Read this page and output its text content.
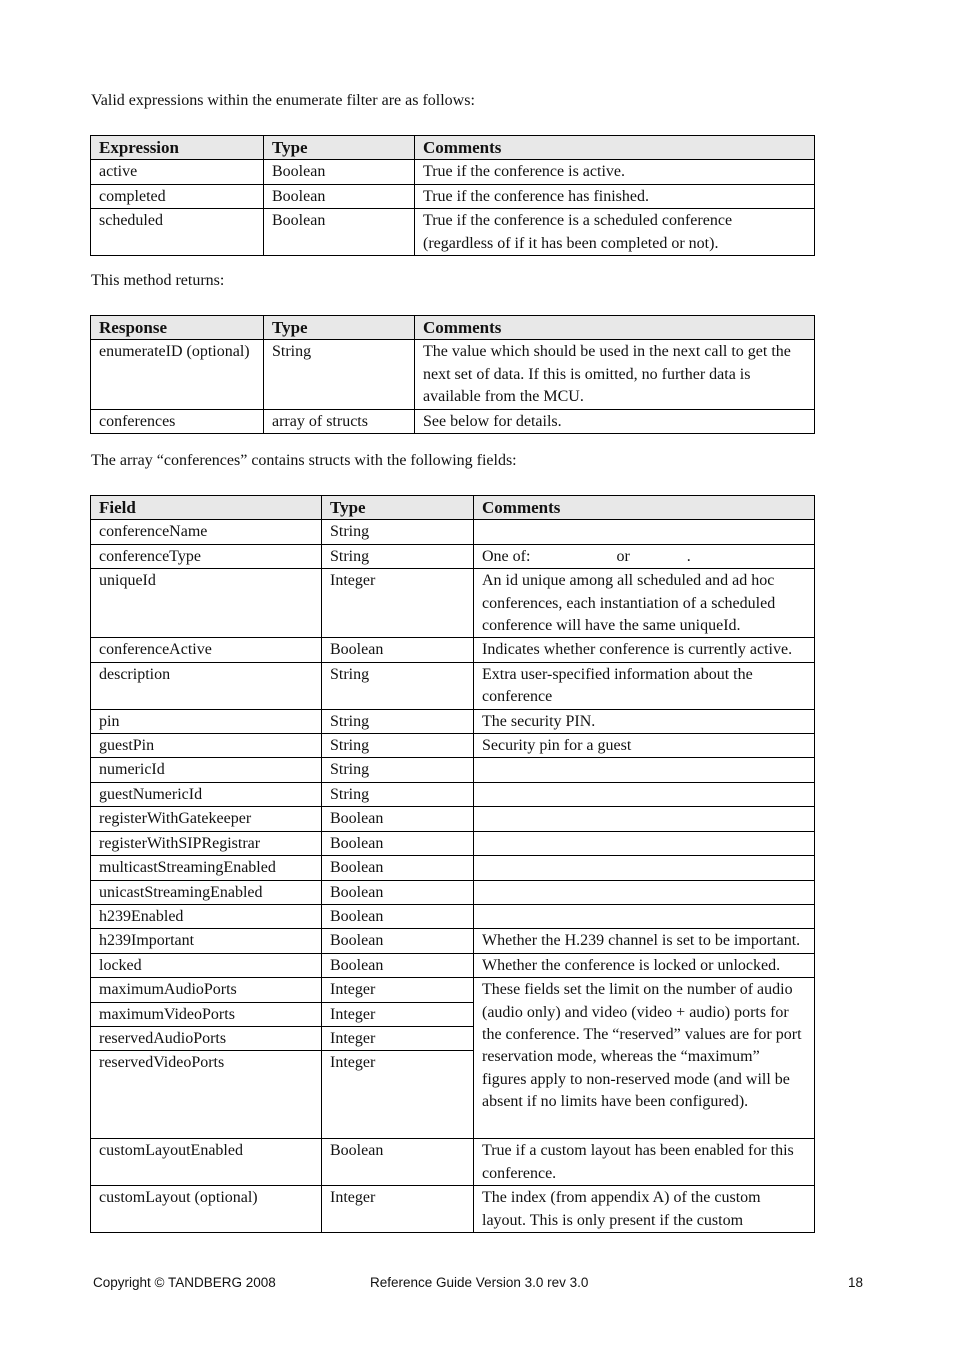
Valid expressions within the enumerate filter are as follows:

Expression	Type	Comments
active	Boolean	True if the conference is active.
completed	Boolean	True if the conference has finished.
scheduled	Boolean	True if the conference is a scheduled conference (regardless of if it has been completed or not).

This method returns:

Response	Type	Comments
enumerateID (optional)	String	The value which should be used in the next call to get the next set of data. If this is omitted, no further data is available from the MCU.
conferences	array of structs	See below for details.

The array “conferences” contains structs with the following fields:

Field	Type	Comments
conferenceName	String	
conferenceType	String	One of: or .
uniqueId	Integer	An id unique among all scheduled and ad hoc conferences, each instantiation of a scheduled conference will have the same uniqueId.
conferenceActive	Boolean	Indicates whether conference is currently active.
description	String	Extra user-specified information about the conference
pin	String	The security PIN.
guestPin	String	Security pin for a guest
numericId	String	
guestNumericId	String	
registerWithGatekeeper	Boolean	
registerWithSIPRegistrar	Boolean	
multicastStreamingEnabled	Boolean	
unicastStreamingEnabled	Boolean	
h239Enabled	Boolean	
h239Important	Boolean	Whether the H.239 channel is set to be important.
locked	Boolean	Whether the conference is locked or unlocked.
maximumAudioPorts	Integer	These fields set the limit on the number of audio (audio only) and video (video + audio) ports for the conference. The “reserved” values are for port reservation mode, whereas the “maximum” figures apply to non-reserved mode (and will be absent if no limits have been configured).
maximumVideoPorts	Integer	
reservedAudioPorts	Integer	
reservedVideoPorts	Integer	
customLayoutEnabled	Boolean	True if a custom layout has been enabled for this conference.
customLayout (optional)	Integer	The index (from appendix A) of the custom layout. This is only present if the custom
Copyright © TANDBERG 2008	Reference Guide Version 3.0 rev 3.0	18
